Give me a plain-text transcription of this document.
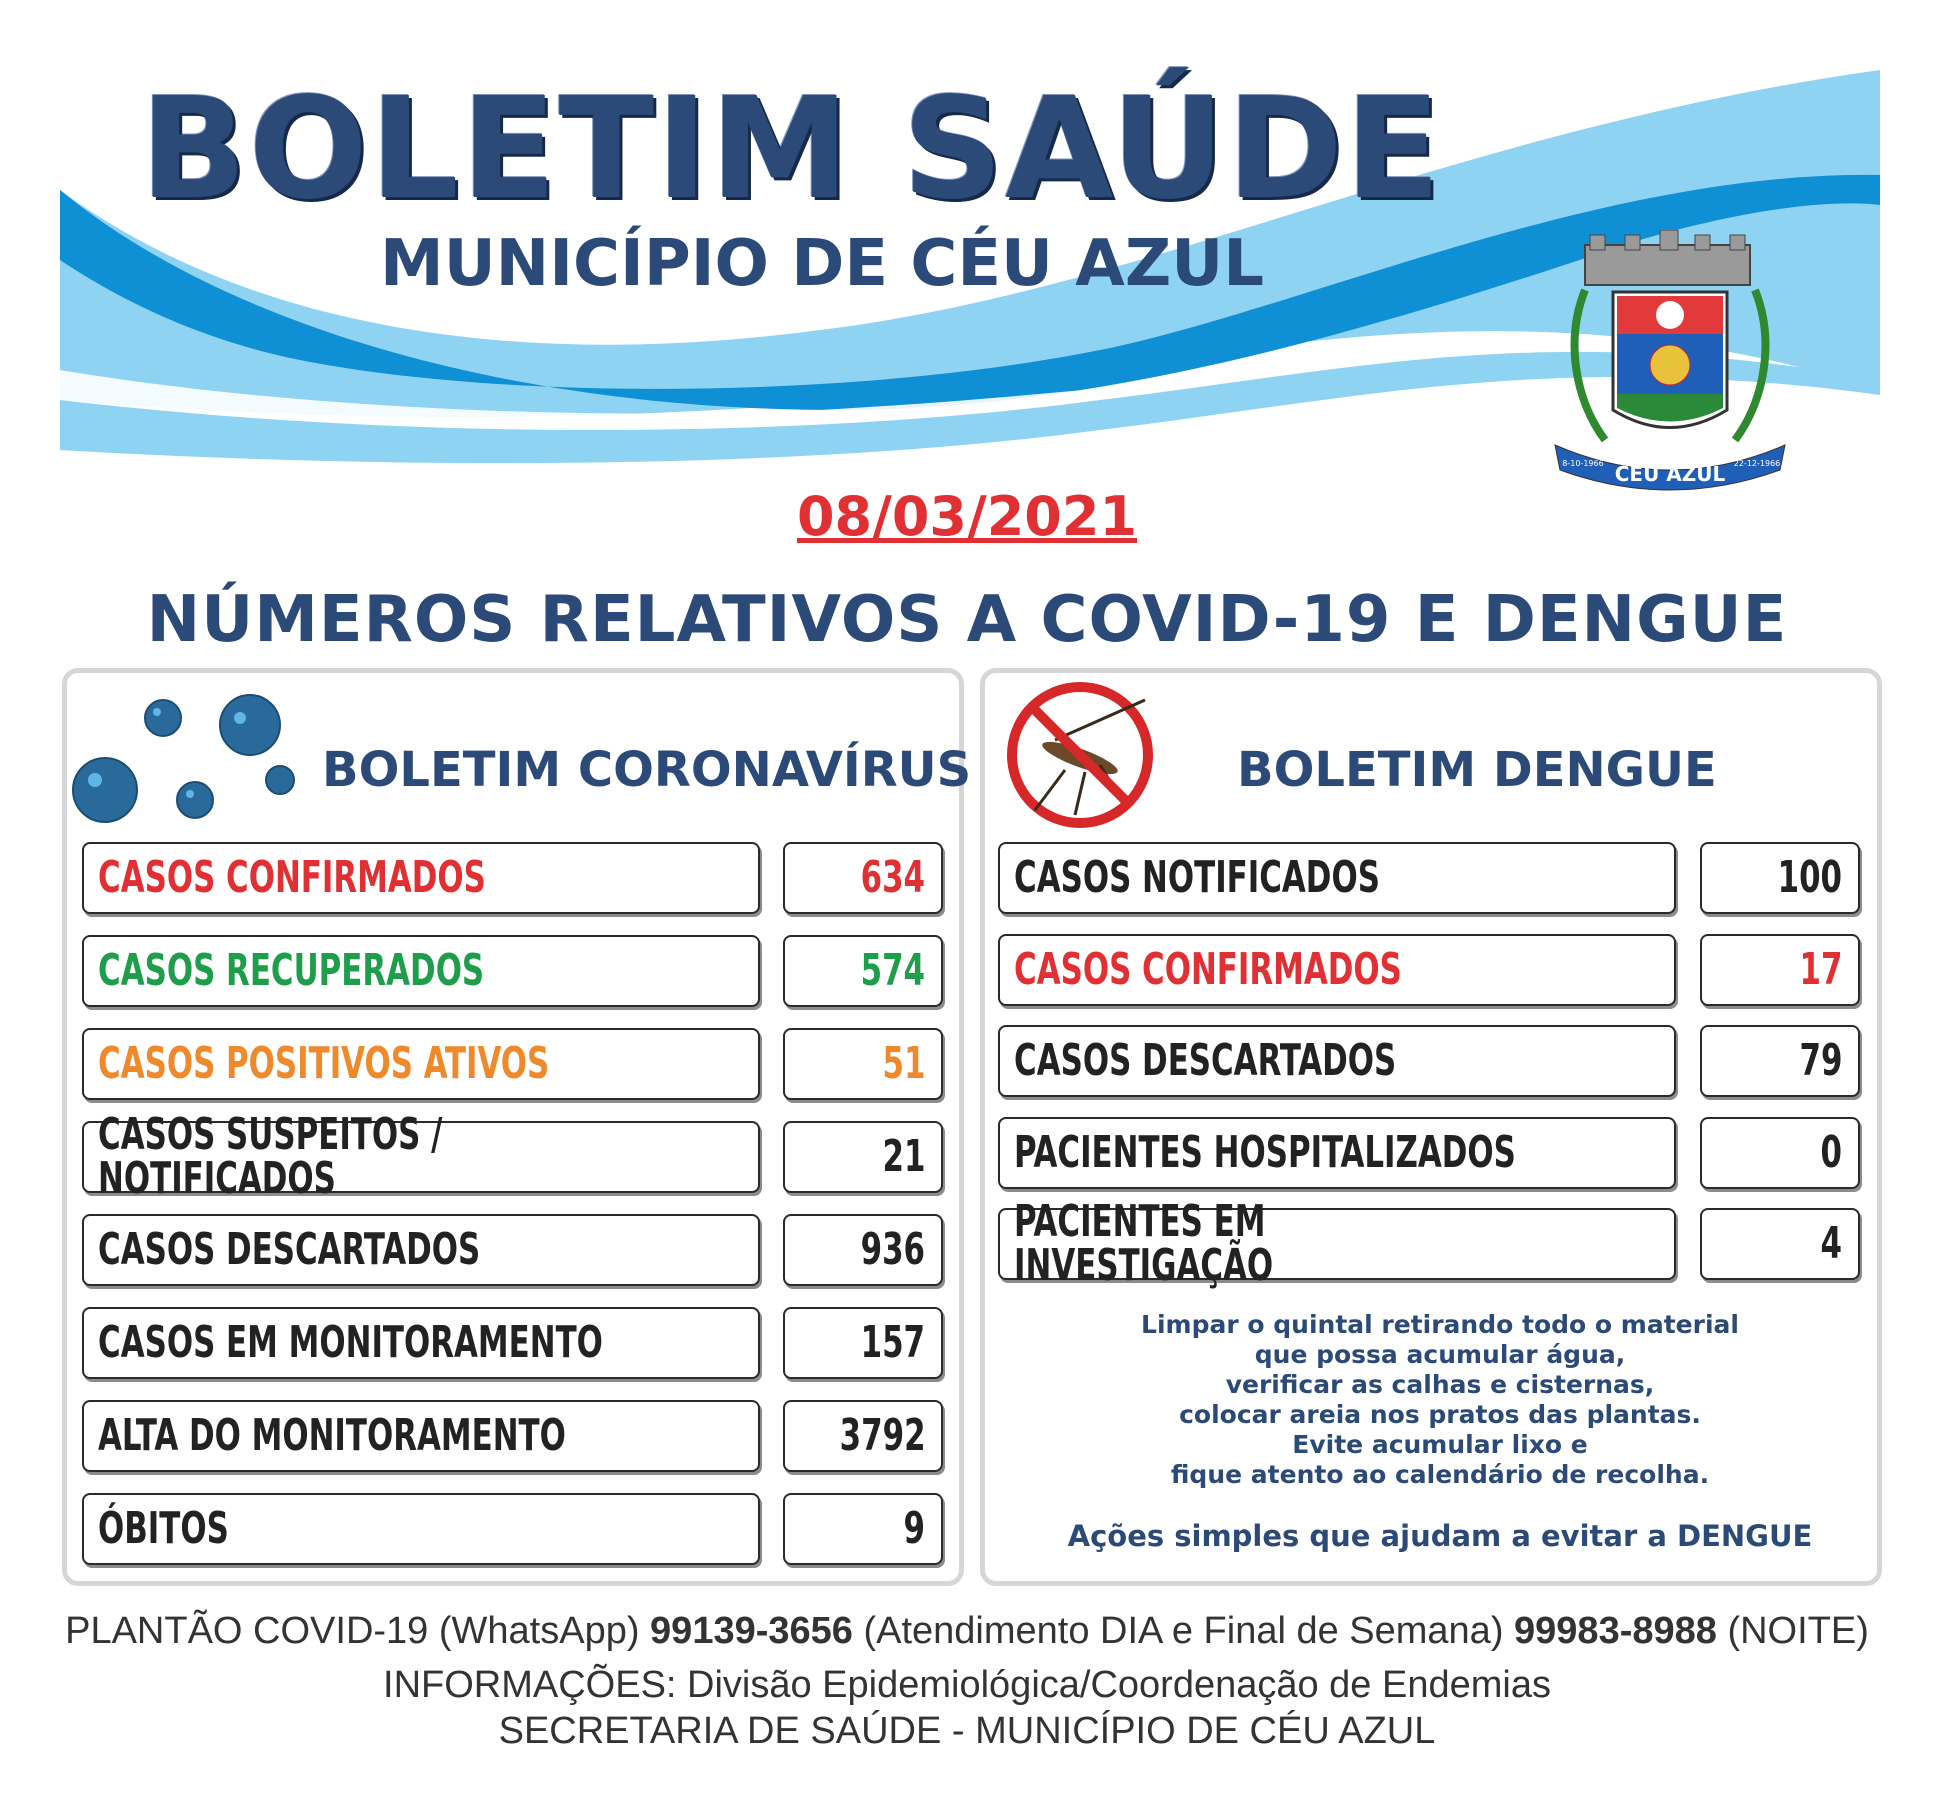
BOLETIM SAÚDE
MUNICÍPIO DE CÉU AZUL
CÉU AZUL
8-10-1966	22-12-1966
08/03/2021
NÚMEROS RELATIVOS A COVID-19 E DENGUE
BOLETIM CORONAVÍRUS
CASOS CONFIRMADOS	634
CASOS RECUPERADOS	574
CASOS POSITIVOS ATIVOS	51
CASOS SUSPEITOS / NOTIFICADOS	21
CASOS DESCARTADOS	936
CASOS EM MONITORAMENTO	157
ALTA DO MONITORAMENTO	3792
ÓBITOS	9
BOLETIM DENGUE
CASOS NOTIFICADOS	100
CASOS CONFIRMADOS	17
CASOS DESCARTADOS	79
PACIENTES HOSPITALIZADOS	0
PACIENTES EM INVESTIGAÇÃO	4
Limpar o quintal retirando todo o material
que possa acumular água,
verificar as calhas e cisternas,
colocar areia nos pratos das plantas.
Evite acumular lixo e
fique atento ao calendário de recolha.
Ações simples que ajudam a evitar a DENGUE
PLANTÃO COVID-19 (WhatsApp) 99139-3656 (Atendimento DIA e Final de Semana) 99983-8988 (NOITE)
INFORMAÇÕES: Divisão Epidemiológica/Coordenação de Endemias
SECRETARIA DE SAÚDE - MUNICÍPIO DE CÉU AZUL
